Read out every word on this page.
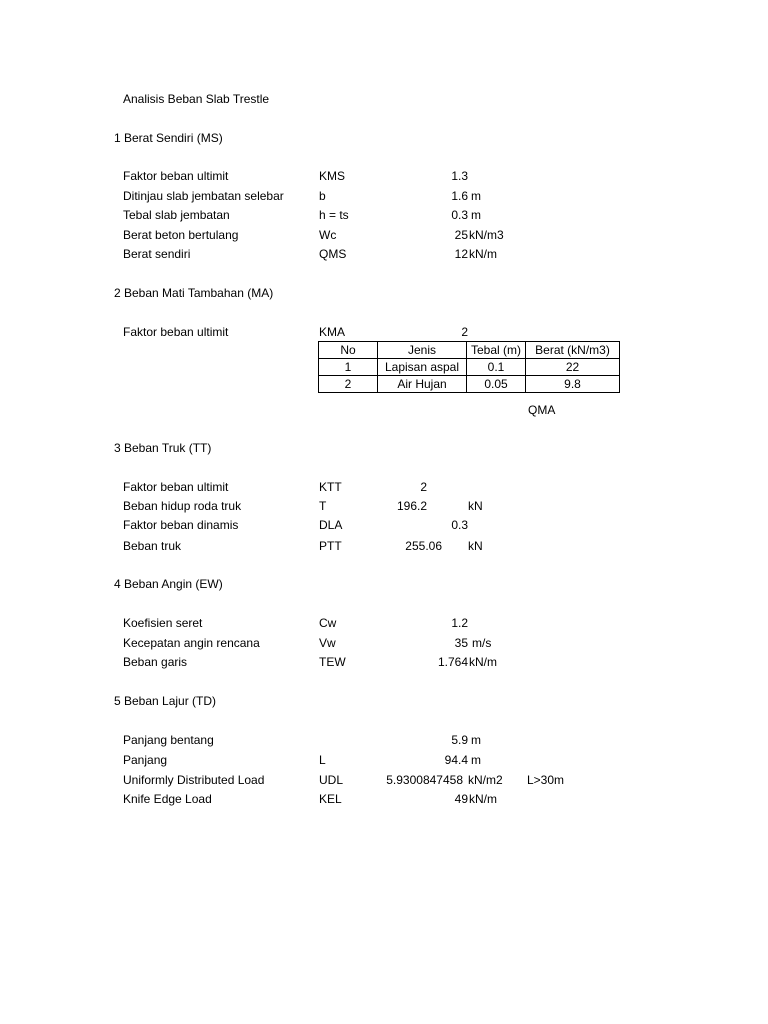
Analisis Beban Slab Trestle
1 Berat Sendiri (MS)
Faktor beban ultimit	KMS	1.3
Ditinjau slab jembatan selebar	b	1.6 m
Tebal slab jembatan	h = ts	0.3 m
Berat beton bertulang	Wc	25 kN/m3
Berat sendiri	QMS	12 kN/m
2 Beban Mati Tambahan (MA)
Faktor beban ultimit	KMA	2
No	Jenis	Tebal (m)	Berat (kN/m3)
1	Lapisan aspal	0.1	22
2	Air Hujan	0.05	9.8
QMA
3 Beban Truk (TT)
Faktor beban ultimit	KTT	2
Beban hidup roda truk	T	196.2	kN
Faktor beban dinamis	DLA	0.3
Beban truk	PTT	255.06 kN
4 Beban Angin (EW)
Koefisien seret	Cw	1.2
Kecepatan angin rencana	Vw	35 m/s
Beban garis	TEW	1.764 kN/m
5 Beban Lajur (TD)
Panjang bentang	5.9 m
Panjang	L	94.4 m
Uniformly Distributed Load	UDL	5.9300847458 kN/m2 L>30m
Knife Edge Load	KEL	49 kN/m
